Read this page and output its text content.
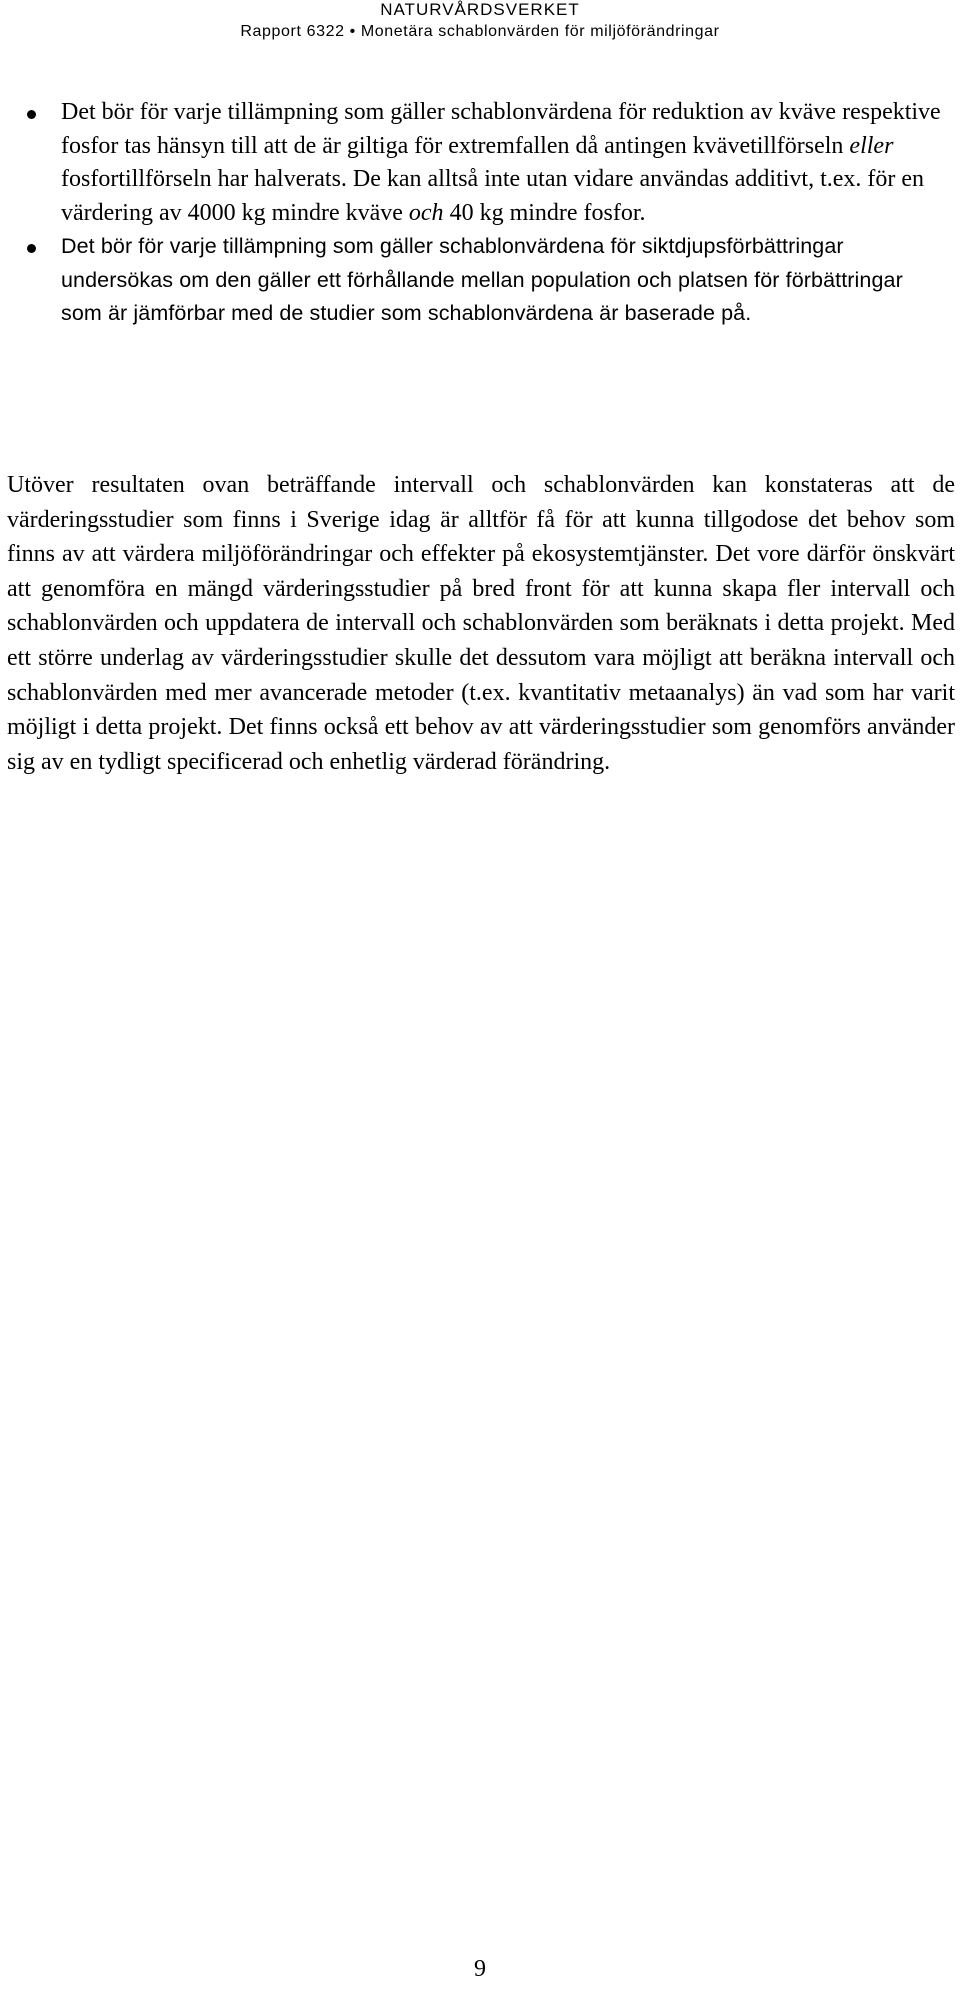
NATURVÅRDSVERKET
Rapport 6322 • Monetära schablonvärden för miljöförändringar
Det bör för varje tillämpning som gäller schablonvärdena för reduktion av kväve respektive fosfor tas hänsyn till att de är giltiga för extremfallen då antingen kvävetillförseln eller fosfortillförseln har halverats. De kan alltså inte utan vidare användas additivt, t.ex. för en värdering av 4000 kg mindre kväve och 40 kg mindre fosfor.
Det bör för varje tillämpning som gäller schablonvärdena för siktdjupsförbättringar undersökas om den gäller ett förhållande mellan population och platsen för förbättringar som är jämförbar med de studier som schablonvärdena är baserade på.

Utöver resultaten ovan beträffande intervall och schablonvärden kan konstateras att de värderingsstudier som finns i Sverige idag är alltför få för att kunna tillgodose det behov som finns av att värdera miljöförändringar och effekter på ekosystemtjänster. Det vore därför önskvärt att genomföra en mängd värderingsstudier på bred front för att kunna skapa fler intervall och schablonvärden och uppdatera de intervall och schablonvärden som beräknats i detta projekt. Med ett större underlag av värderingsstudier skulle det dessutom vara möjligt att beräkna intervall och schablonvärden med mer avancerade metoder (t.ex. kvantitativ metaanalys) än vad som har varit möjligt i detta projekt. Det finns också ett behov av att värderingsstudier som genomförs använder sig av en tydligt specificerad och enhetlig värderad förändring.

9
